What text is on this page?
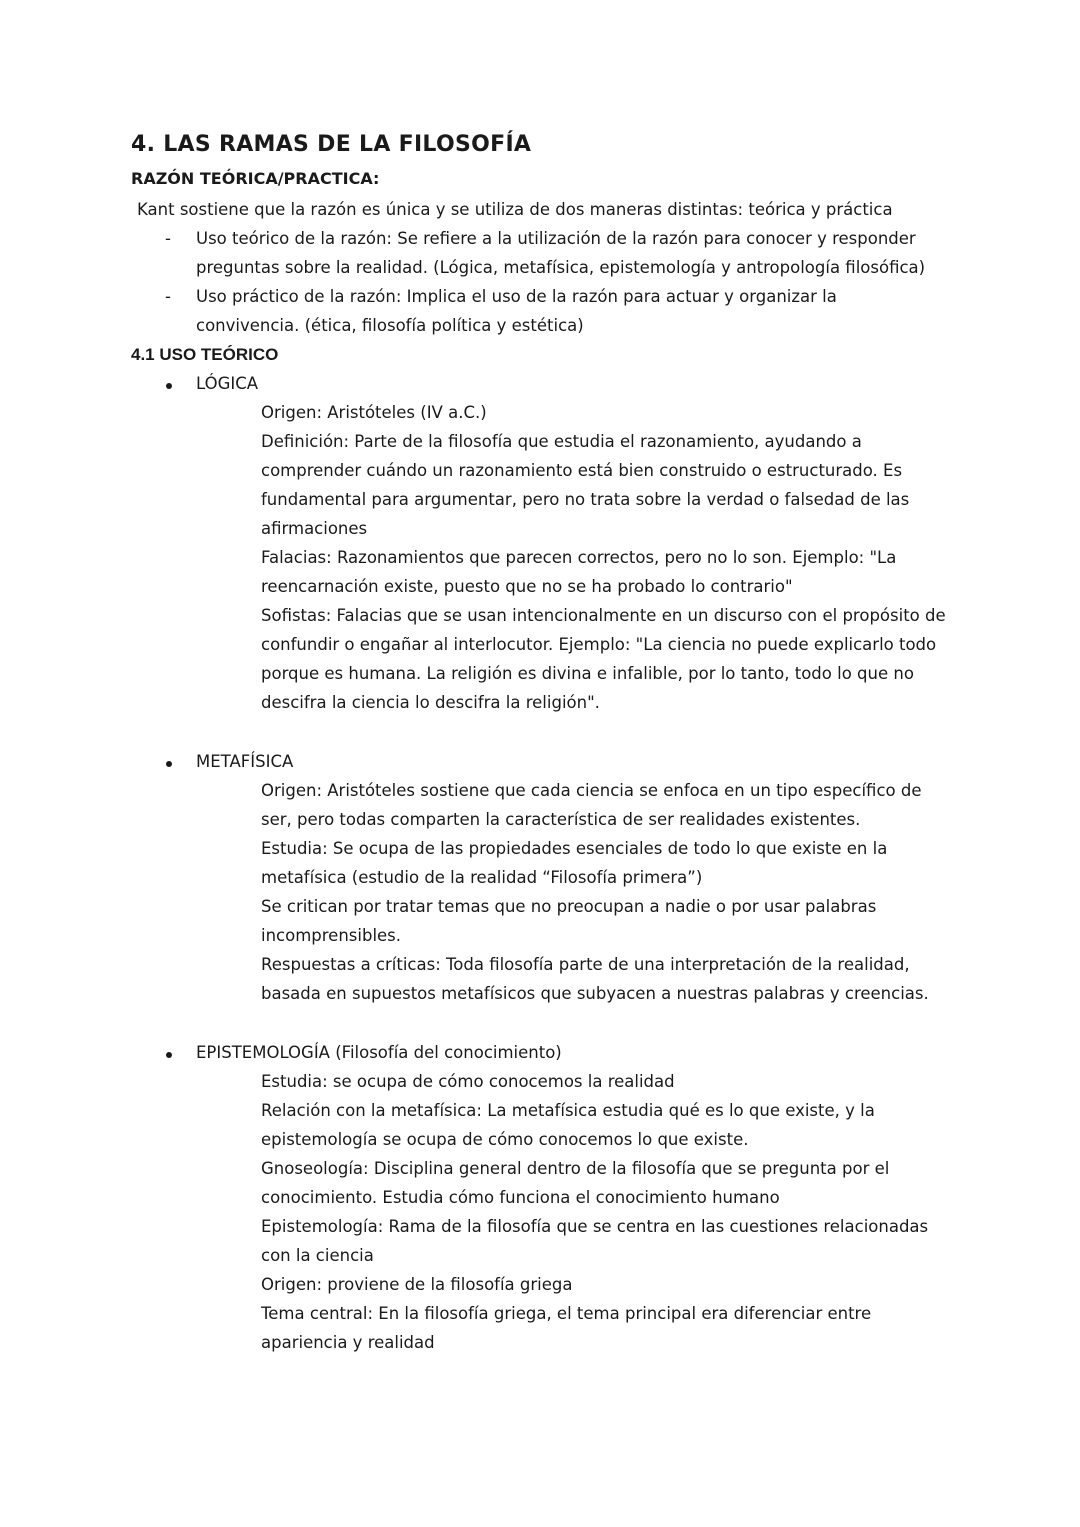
4. LAS RAMAS DE LA FILOSOFÍA
RAZÓN TEÓRICA/PRACTICA:

Kant sostiene que la razón es única y se utiliza de dos maneras distintas: teórica y práctica

- Uso teórico de la razón: Se refiere a la utilización de la razón para conocer y responder
preguntas sobre la realidad. (Lógica, metafísica, epistemología y antropología filosófica)
- Uso práctico de la razón: Implica el uso de la razón para actuar y organizar la
convivencia. (ética, filosofía política y estética)
4.1 USO TEÓRICO

LÓGICA

Origen: Aristóteles (IV a.C.)
Definición: Parte de la filosofía que estudia el razonamiento, ayudando a
comprender cuándo un razonamiento está bien construido o estructurado. Es
fundamental para argumentar, pero no trata sobre la verdad o falsedad de las
afirmaciones
Falacias: Razonamientos que parecen correctos, pero no lo son. Ejemplo: "La
reencarnación existe, puesto que no se ha probado lo contrario"
Sofistas: Falacias que se usan intencionalmente en un discurso con el propósito de
confundir o engañar al interlocutor. Ejemplo: "La ciencia no puede explicarlo todo
porque es humana. La religión es divina e infalible, por lo tanto, todo lo que no
descifra la ciencia lo descifra la religión".

METAFÍSICA

Origen: Aristóteles sostiene que cada ciencia se enfoca en un tipo específico de
ser, pero todas comparten la característica de ser realidades existentes.
Estudia: Se ocupa de las propiedades esenciales de todo lo que existe en la
metafísica (estudio de la realidad “Filosofía primera”)
Se critican por tratar temas que no preocupan a nadie o por usar palabras
incomprensibles.
Respuestas a críticas: Toda filosofía parte de una interpretación de la realidad,
basada en supuestos metafísicos que subyacen a nuestras palabras y creencias.

EPISTEMOLOGÍA (Filosofía del conocimiento)

Estudia: se ocupa de cómo conocemos la realidad
Relación con la metafísica: La metafísica estudia qué es lo que existe, y la
epistemología se ocupa de cómo conocemos lo que existe.
Gnoseología: Disciplina general dentro de la filosofía que se pregunta por el
conocimiento. Estudia cómo funciona el conocimiento humano
Epistemología: Rama de la filosofía que se centra en las cuestiones relacionadas
con la ciencia
Origen: proviene de la filosofía griega
Tema central: En la filosofía griega, el tema principal era diferenciar entre
apariencia y realidad
